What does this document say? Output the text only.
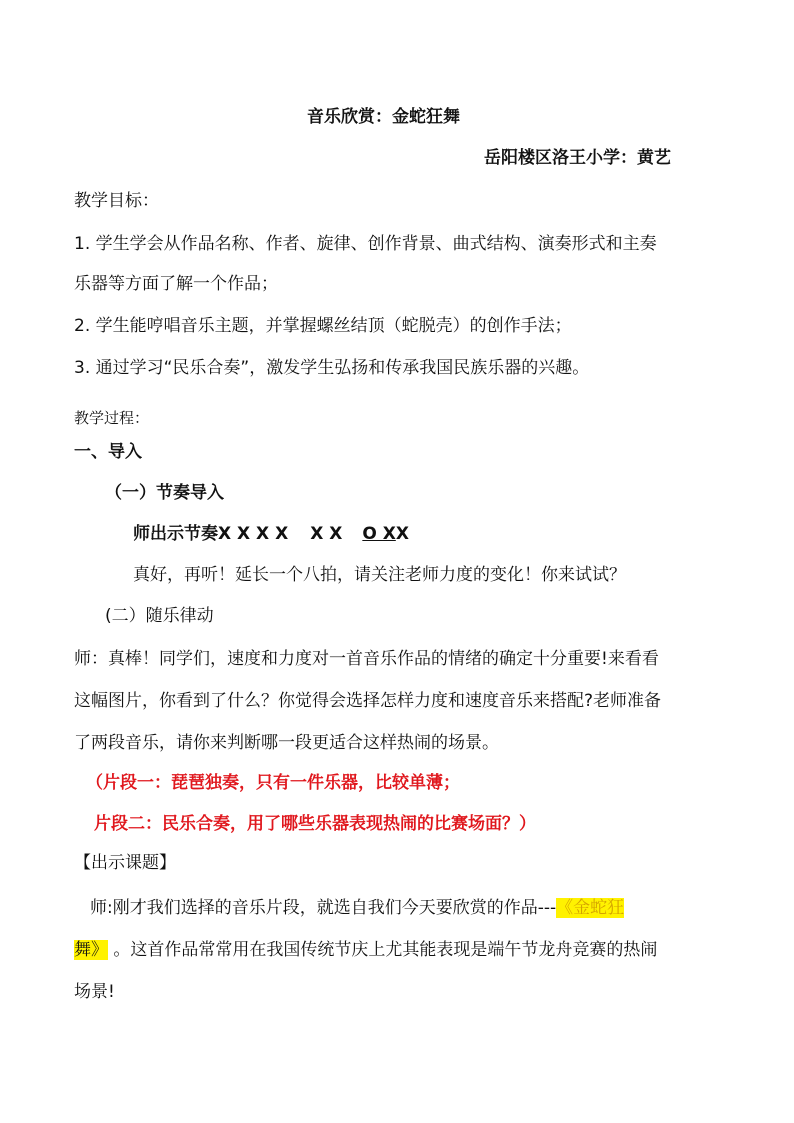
音乐欣赏：金蛇狂舞
岳阳楼区洛王小学：黄艺
教学目标：
1. 学生学会从作品名称、作者、旋律、创作背景、曲式结构、演奏形式和主奏
乐器等方面了解一个作品；
2. 学生能哼唱音乐主题，并掌握螺丝结顶（蛇脱壳）的创作手法；
3. 通过学习“民乐合奏”，激发学生弘扬和传承我国民族乐器的兴趣。
教学过程：
一、导入
（一）节奏导入
师出示节奏X X X X X X O XX
真好，再听！延长一个八拍，请关注老师力度的变化！你来试试？
(二）随乐律动
师：真棒！同学们，速度和力度对一首音乐作品的情绪的确定十分重要!来看看
这幅图片，你看到了什么？你觉得会选择怎样力度和速度音乐来搭配?老师准备
了两段音乐，请你来判断哪一段更适合这样热闹的场景。
（片段一：琵琶独奏，只有一件乐器，比较单薄；
片段二：民乐合奏，用了哪些乐器表现热闹的比赛场面？）
【出示课题】
师:刚才我们选择的音乐片段，就选自我们今天要欣赏的作品---《金蛇狂
舞》 。这首作品常常用在我国传统节庆上尤其能表现是端午节龙舟竞赛的热闹
场景!
